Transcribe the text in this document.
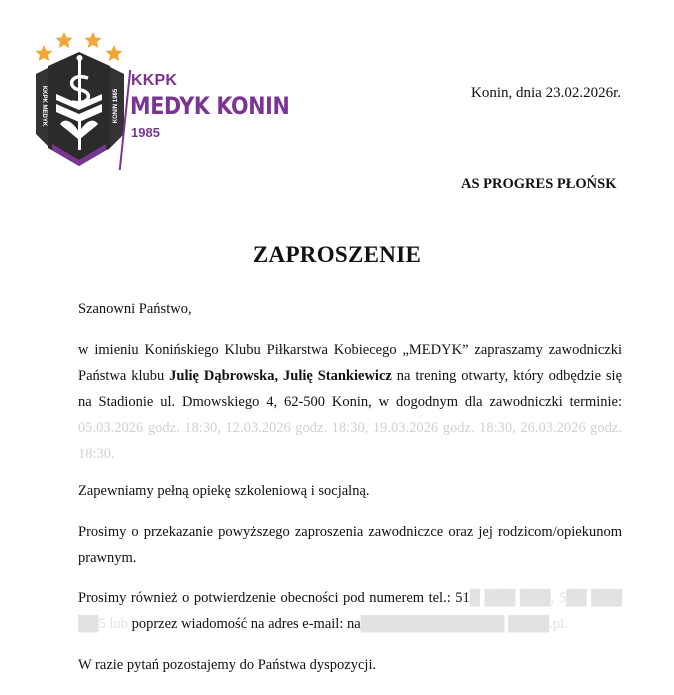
KKPK MEDYK	KONIN 1985
KKPK
MEDYK KONIN
1985
Konin, dnia 23.02.2026r.
AS PROGRES PŁOŃSK
ZAPROSZENIE
Szanowni Państwo,

w imieniu Konińskiego Klubu Piłkarstwa Kobiecego „MEDYK” zapraszamy zawodniczki Państwa klubu Julię Dąbrowska, Julię Stankiewicz na trening otwarty, który odbędzie się na Stadionie ul. Dmowskiego 4, 62-500 Konin, w dogodnym dla zawodniczki terminie: 05.03.2026 godz. 18:30, 12.03.2026 godz. 18:30, 19.03.2026 godz. 18:30, 26.03.2026 godz. 18:30.

Zapewniamy pełną opiekę szkoleniową i socjalną.

Prosimy o przekazanie powyższego zaproszenia zawodniczce oraz jej rodzicom/opiekunom prawnym.

Prosimy również o potwierdzenie obecności pod numerem tel.: 51█ ███ ███, 5██ ███ ██5 lub poprzez wiadomość na adres e-mail: na██████████████ ████.pl.

W razie pytań pozostajemy do Państwa dyspozycji.
